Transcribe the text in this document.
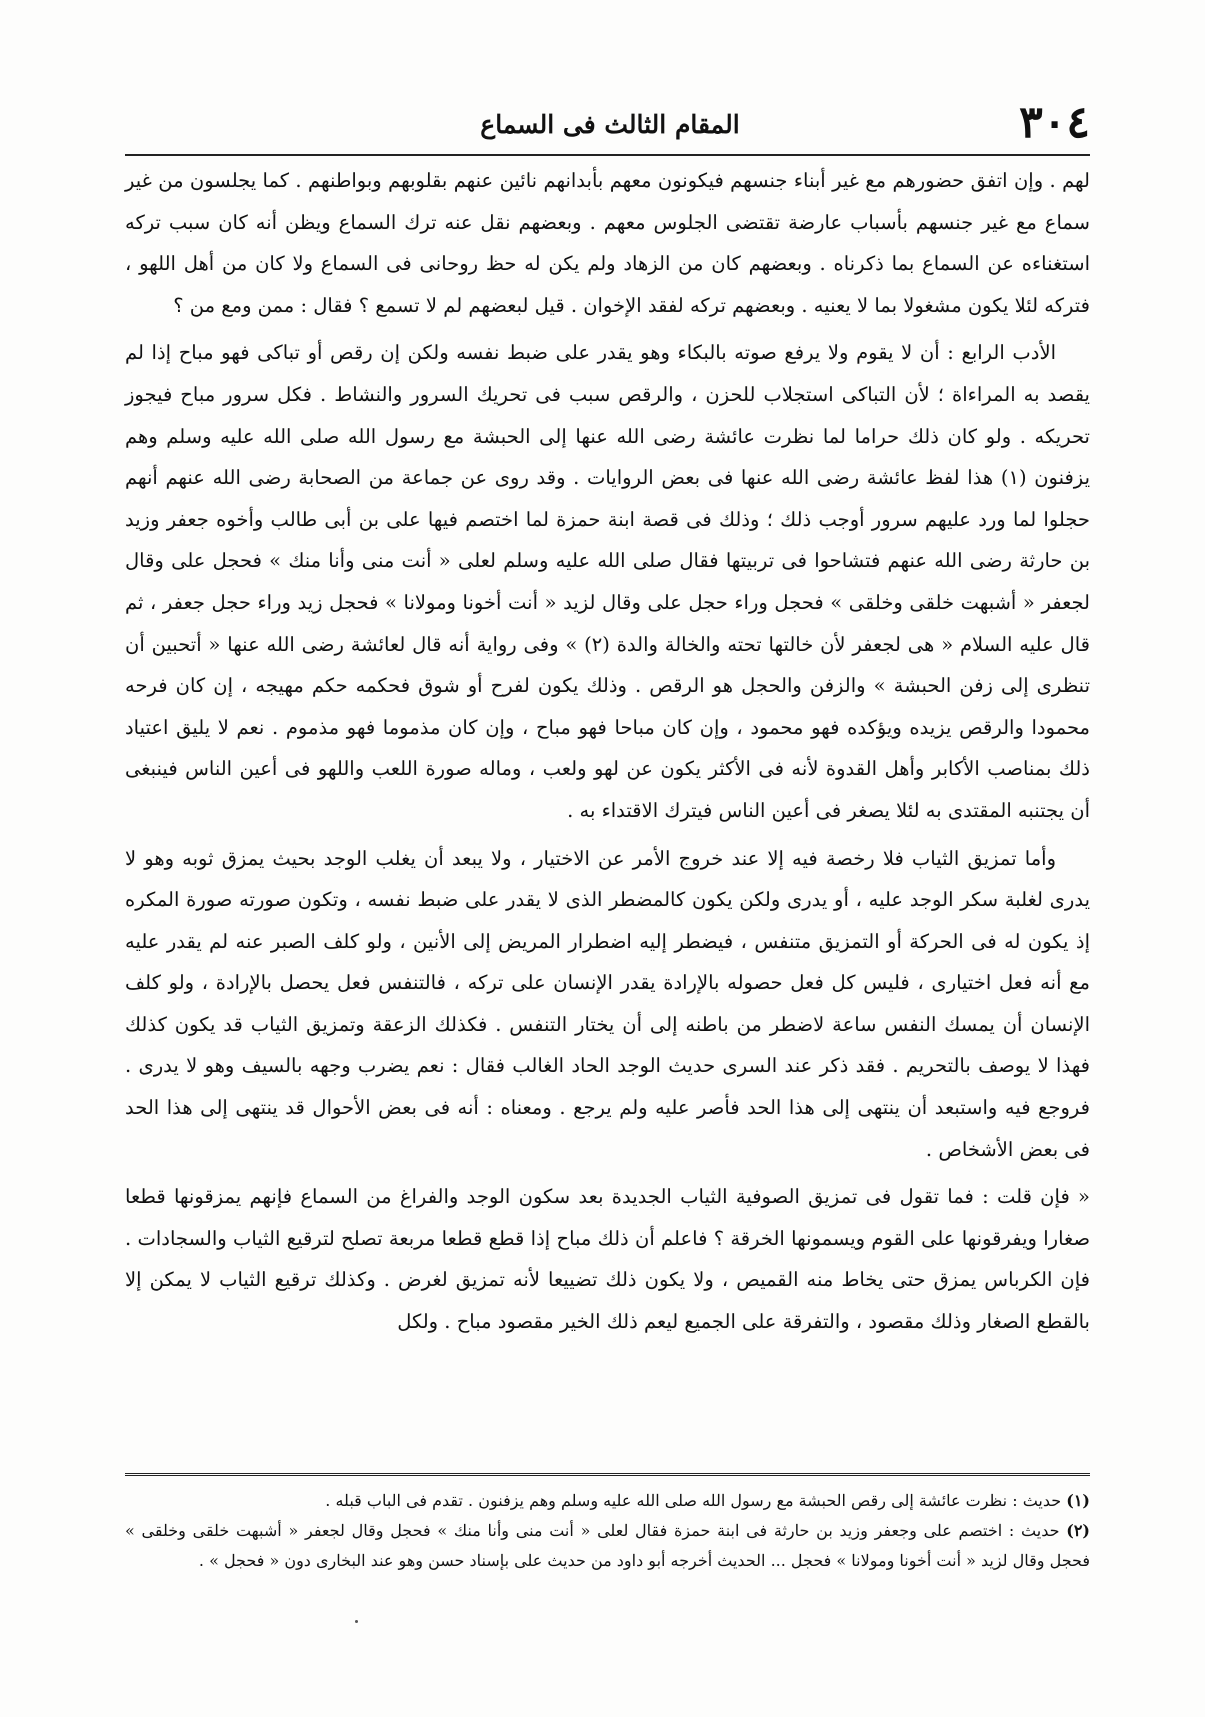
٣٠٤
المقام الثالث فى السماع

لهم . وإن اتفق حضورهم مع غير أبناء جنسهم فيكونون معهم بأبدانهم نائين عنهم بقلوبهم وبواطنهم . كما يجلسون من غير سماع مع غير جنسهم بأسباب عارضة تقتضى الجلوس معهم . وبعضهم نقل عنه ترك السماع ويظن أنه كان سبب تركه استغناءه عن السماع بما ذكرناه . وبعضهم كان من الزهاد ولم يكن له حظ روحانى فى السماع ولا كان من أهل اللهو ، فتركه لئلا يكون مشغولا بما لا يعنيه . وبعضهم تركه لفقد الإخوان . قيل لبعضهم لم لا تسمع ؟ فقال : ممن ومع من ؟

الأدب الرابع : أن لا يقوم ولا يرفع صوته بالبكاء وهو يقدر على ضبط نفسه ولكن إن رقص أو تباكى فهو مباح إذا لم يقصد به المراءاة ؛ لأن التباكى استجلاب للحزن ، والرقص سبب فى تحريك السرور والنشاط . فكل سرور مباح فيجوز تحريكه . ولو كان ذلك حراما لما نظرت عائشة رضى الله عنها إلى الحبشة مع رسول الله صلى الله عليه وسلم وهم يزفنون (١) هذا لفظ عائشة رضى الله عنها فى بعض الروايات . وقد روى عن جماعة من الصحابة رضى الله عنهم أنهم حجلوا لما ورد عليهم سرور أوجب ذلك ؛ وذلك فى قصة ابنة حمزة لما اختصم فيها على بن أبى طالب وأخوه جعفر وزيد بن حارثة رضى الله عنهم فتشاحوا فى تربيتها فقال صلى الله عليه وسلم لعلى « أنت منى وأنا منك » فحجل على وقال لجعفر « أشبهت خلقى وخلقى » فحجل وراء حجل على وقال لزيد « أنت أخونا ومولانا » فحجل زيد وراء حجل جعفر ، ثم قال عليه السلام « هى لجعفر لأن خالتها تحته والخالة والدة (٢) » وفى رواية أنه قال لعائشة رضى الله عنها « أتحبين أن تنظرى إلى زفن الحبشة » والزفن والحجل هو الرقص . وذلك يكون لفرح أو شوق فحكمه حكم مهيجه ، إن كان فرحه محمودا والرقص يزيده ويؤكده فهو محمود ، وإن كان مباحا فهو مباح ، وإن كان مذموما فهو مذموم . نعم لا يليق اعتياد ذلك بمناصب الأكابر وأهل القدوة لأنه فى الأكثر يكون عن لهو ولعب ، وماله صورة اللعب واللهو فى أعين الناس فينبغى أن يجتنبه المقتدى به لئلا يصغر فى أعين الناس فيترك الاقتداء به .

وأما تمزيق الثياب فلا رخصة فيه إلا عند خروج الأمر عن الاختيار ، ولا يبعد أن يغلب الوجد بحيث يمزق ثوبه وهو لا يدرى لغلبة سكر الوجد عليه ، أو يدرى ولكن يكون كالمضطر الذى لا يقدر على ضبط نفسه ، وتكون صورته صورة المكره إذ يكون له فى الحركة أو التمزيق متنفس ، فيضطر إليه اضطرار المريض إلى الأنين ، ولو كلف الصبر عنه لم يقدر عليه مع أنه فعل اختيارى ، فليس كل فعل حصوله بالإرادة يقدر الإنسان على تركه ، فالتنفس فعل يحصل بالإرادة ، ولو كلف الإنسان أن يمسك النفس ساعة لاضطر من باطنه إلى أن يختار التنفس . فكذلك الزعقة وتمزيق الثياب قد يكون كذلك فهذا لا يوصف بالتحريم . فقد ذكر عند السرى حديث الوجد الحاد الغالب فقال : نعم يضرب وجهه بالسيف وهو لا يدرى . فروجع فيه واستبعد أن ينتهى إلى هذا الحد فأصر عليه ولم يرجع . ومعناه : أنه فى بعض الأحوال قد ينتهى إلى هذا الحد فى بعض الأشخاص .

« فإن قلت : فما تقول فى تمزيق الصوفية الثياب الجديدة بعد سكون الوجد والفراغ من السماع فإنهم يمزقونها قطعا صغارا ويفرقونها على القوم ويسمونها الخرقة ؟ فاعلم أن ذلك مباح إذا قطع قطعا مربعة تصلح لترقيع الثياب والسجادات . فإن الكرباس يمزق حتى يخاط منه القميص ، ولا يكون ذلك تضييعا لأنه تمزيق لغرض . وكذلك ترقيع الثياب لا يمكن إلا بالقطع الصغار وذلك مقصود ، والتفرقة على الجميع ليعم ذلك الخير مقصود مباح . ولكل

(١) حديث : نظرت عائشة إلى رقص الحبشة مع رسول الله صلى الله عليه وسلم وهم يزفنون . تقدم فى الباب قبله .

(٢) حديث : اختصم على وجعفر وزيد بن حارثة فى ابنة حمزة فقال لعلى « أنت منى وأنا منك » فحجل وقال لجعفر « أشبهت خلقى وخلقى » فحجل وقال لزيد « أنت أخونا ومولانا » فحجل ... الحديث أخرجه أبو داود من حديث على بإسناد حسن وهو عند البخارى دون « فحجل » .
